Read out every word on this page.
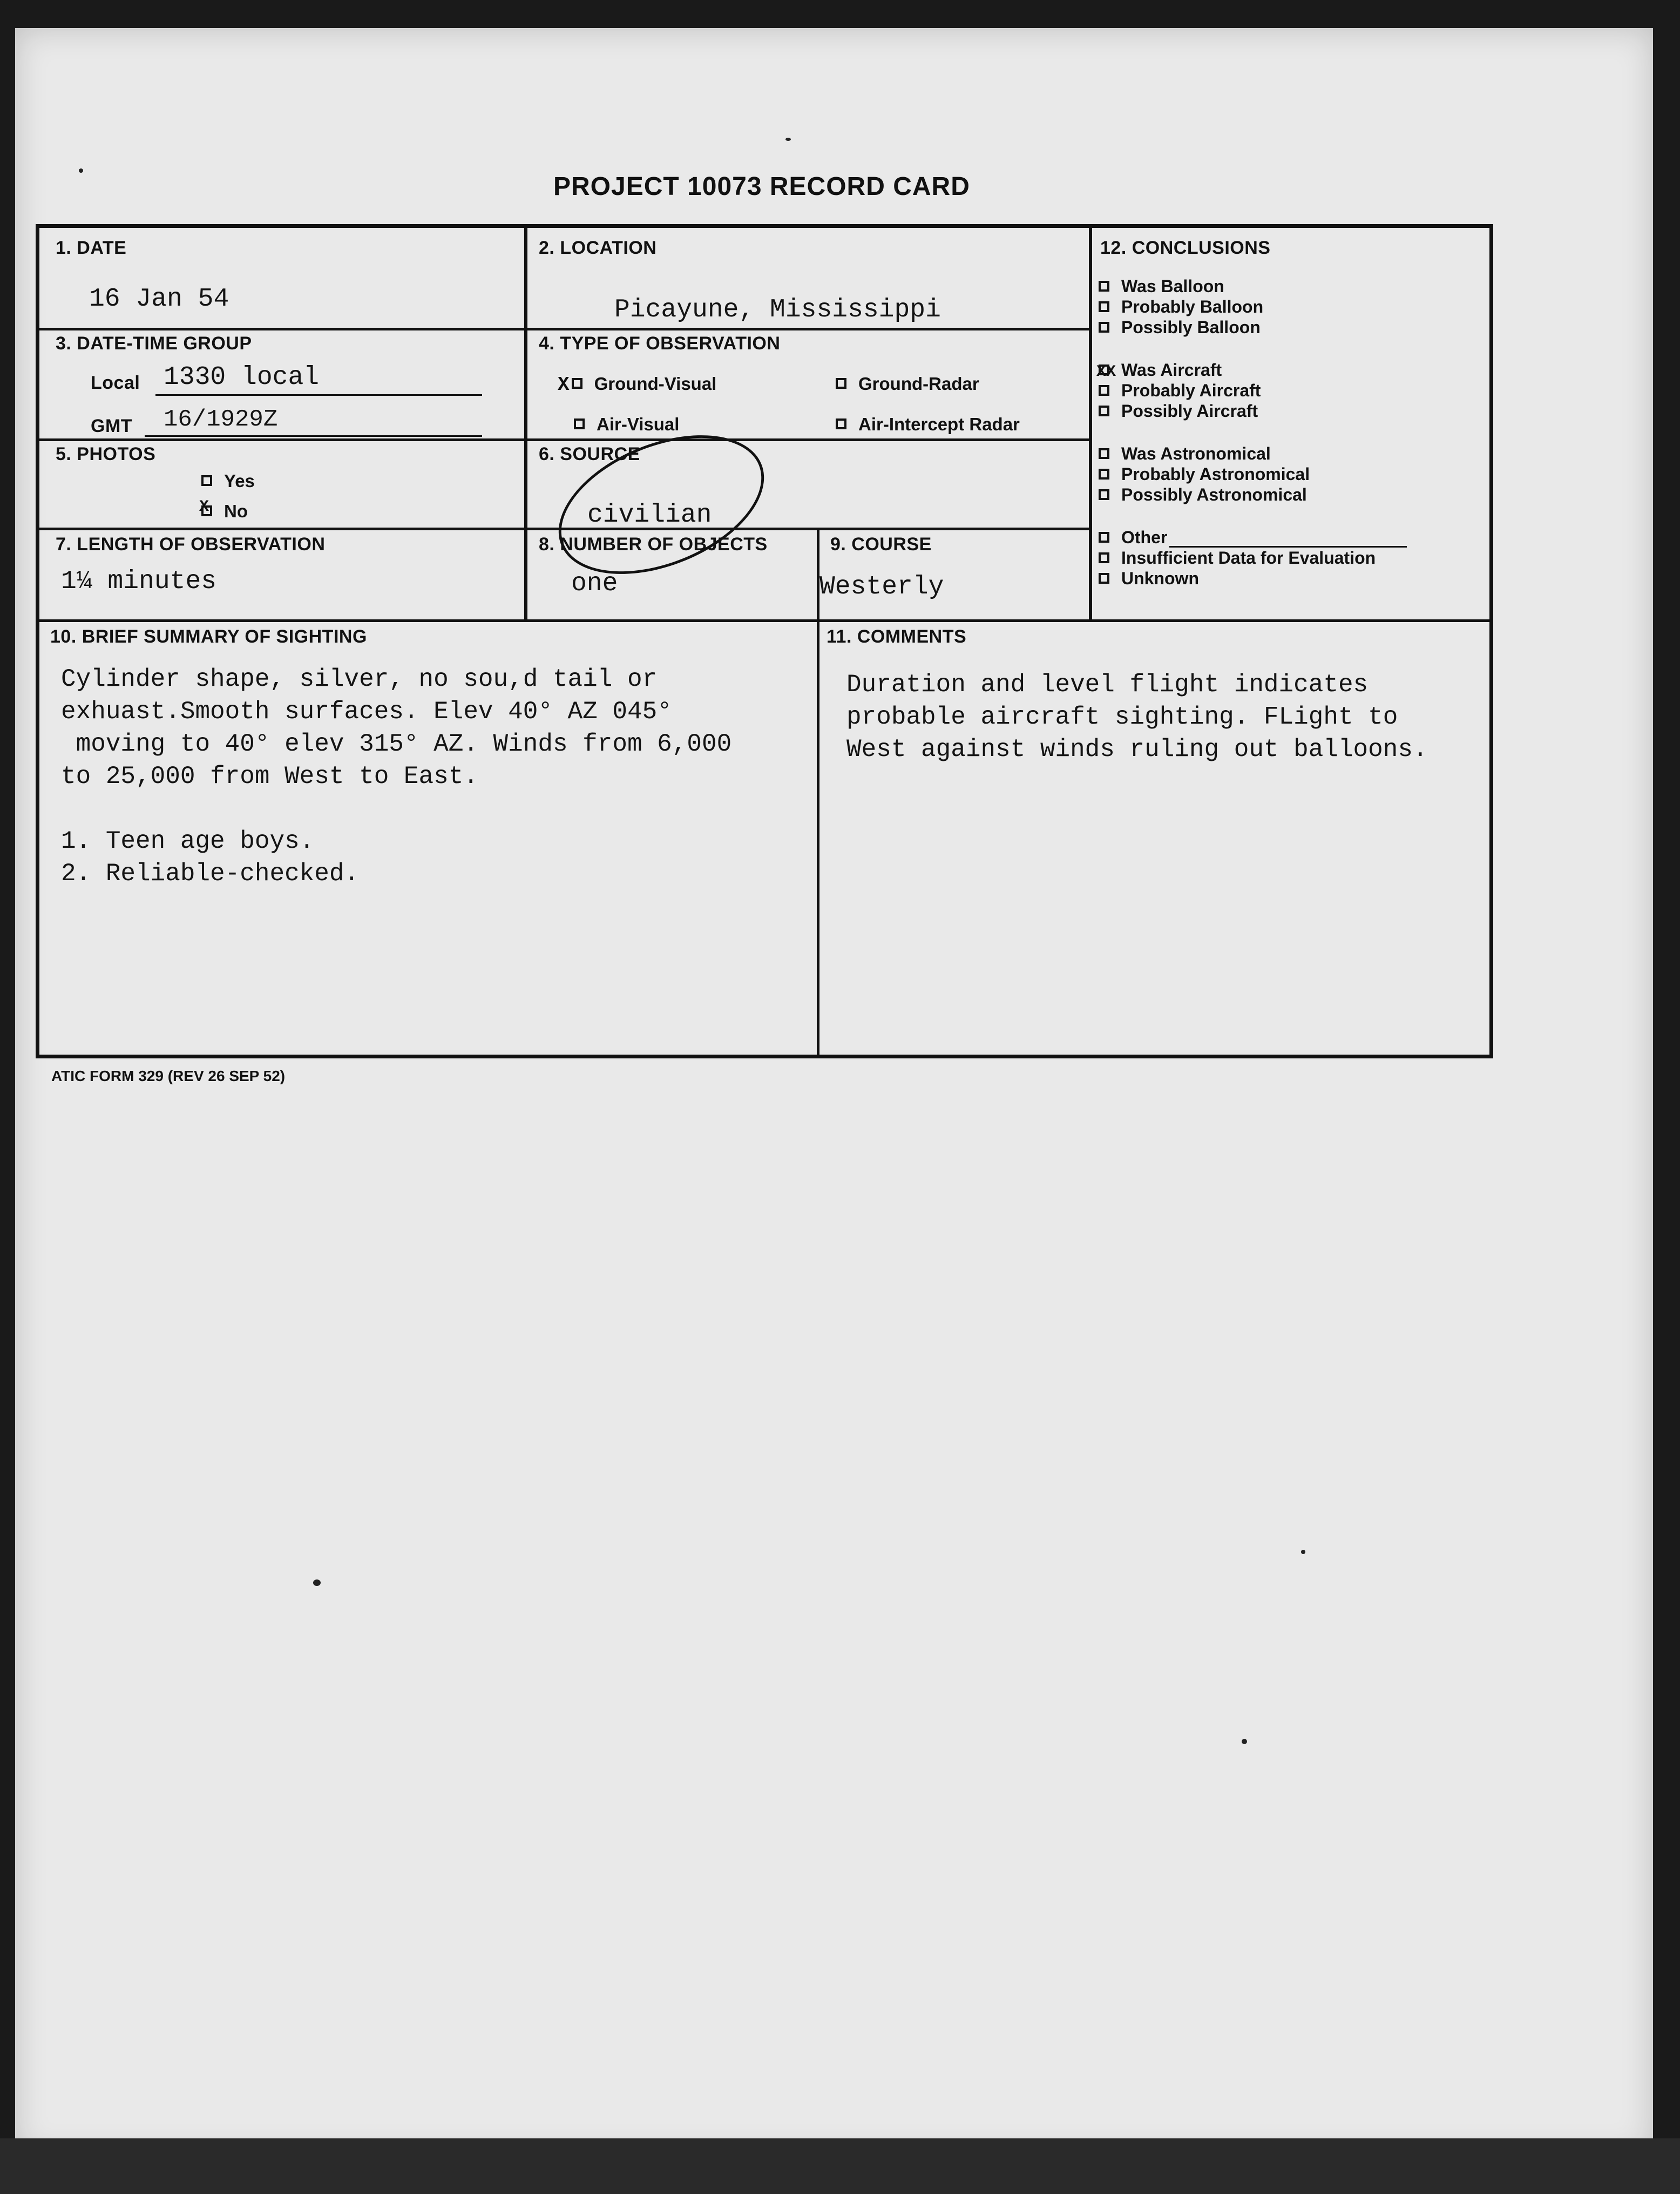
PROJECT 10073 RECORD CARD
1. DATE
16 Jan 54
2. LOCATION
Picayune, Mississippi
3. DATE-TIME GROUP
Local 1330 local
GMT 16/1929Z
4. TYPE OF OBSERVATION
X Ground-Visual	Ground-Radar
Air-Visual	Air-Intercept Radar
5. PHOTOS
Yes
X No
6. SOURCE
civilian
7. LENGTH OF OBSERVATION
1¼ minutes
8. NUMBER OF OBJECTS
one
9. COURSE
Westerly
12. CONCLUSIONS
Was Balloon
Probably Balloon
Possibly Balloon
XX Was Aircraft
Probably Aircraft
Possibly Aircraft
Was Astronomical
Probably Astronomical
Possibly Astronomical
Other
Insufficient Data for Evaluation
Unknown
10. BRIEF SUMMARY OF SIGHTING
Cylinder shape, silver, no sou,d tail or
exhuast.Smooth surfaces. Elev 40° AZ 045°
moving to 40° elev 315° AZ. Winds from 6,000
to 25,000 from West to East.
1. Teen age boys.
2. Reliable-checked.
11. COMMENTS
Duration and level flight indicates
probable aircraft sighting. FLight to
West against winds ruling out balloons.
ATIC FORM 329 (REV 26 SEP 52)
